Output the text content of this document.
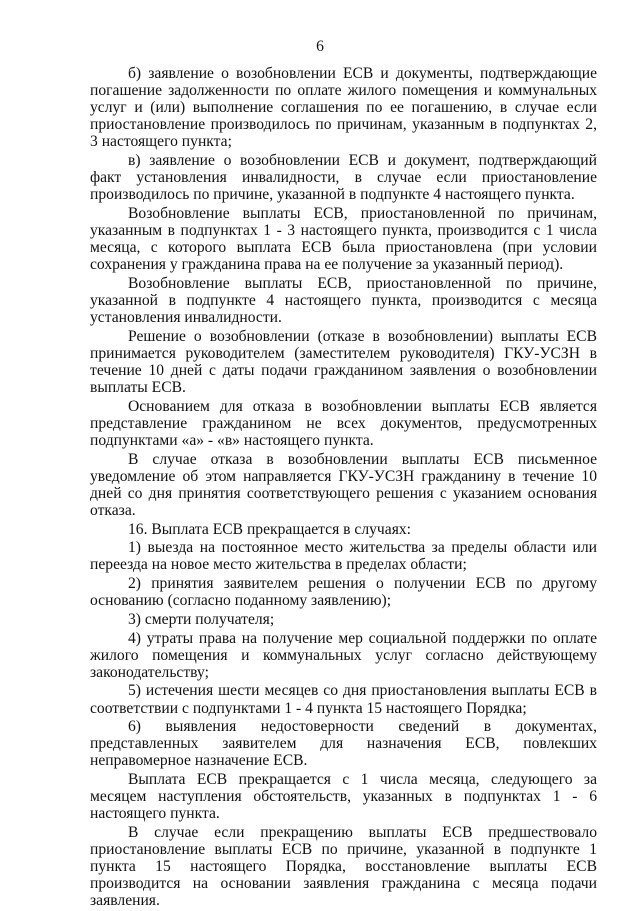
6

б) заявление о возобновлении ЕСВ и документы, подтверждающие погашение задолженности по оплате жилого помещения и коммунальных услуг и (или) выполнение соглашения по ее погашению, в случае если приостановление производилось по причинам, указанным в подпунктах 2, 3 настоящего пункта;

в) заявление о возобновлении ЕСВ и документ, подтверждающий факт установления инвалидности, в случае если приостановление производилось по причине, указанной в подпункте 4 настоящего пункта.

Возобновление выплаты ЕСВ, приостановленной по причинам, указанным в подпунктах 1 - 3 настоящего пункта, производится с 1 числа месяца, с которого выплата ЕСВ была приостановлена (при условии сохранения у гражданина права на ее получение за указанный период).

Возобновление выплаты ЕСВ, приостановленной по причине, указанной в подпункте 4 настоящего пункта, производится с месяца установления инвалидности.

Решение о возобновлении (отказе в возобновлении) выплаты ЕСВ принимается руководителем (заместителем руководителя) ГКУ-УСЗН в течение 10 дней с даты подачи гражданином заявления о возобновлении выплаты ЕСВ.

Основанием для отказа в возобновлении выплаты ЕСВ является представление гражданином не всех документов, предусмотренных подпунктами «а» - «в» настоящего пункта.

В случае отказа в возобновлении выплаты ЕСВ письменное уведомление об этом направляется ГКУ-УСЗН гражданину в течение 10 дней со дня принятия соответствующего решения с указанием основания отказа.

16. Выплата ЕСВ прекращается в случаях:

1) выезда на постоянное место жительства за пределы области или переезда на новое место жительства в пределах области;

2) принятия заявителем решения о получении ЕСВ по другому основанию (согласно поданному заявлению);

3) смерти получателя;

4) утраты права на получение мер социальной поддержки по оплате жилого помещения и коммунальных услуг согласно действующему законодательству;

5) истечения шести месяцев со дня приостановления выплаты ЕСВ в соответствии с подпунктами 1 - 4 пункта 15 настоящего Порядка;

6) выявления недостоверности сведений в документах, представленных заявителем для назначения ЕСВ, повлекших неправомерное назначение ЕСВ.

Выплата ЕСВ прекращается с 1 числа месяца, следующего за месяцем наступления обстоятельств, указанных в подпунктах 1 - 6 настоящего пункта.

В случае если прекращению выплаты ЕСВ предшествовало приостановление выплаты ЕСВ по причине, указанной в подпункте 1 пункта 15 настоящего Порядка, восстановление выплаты ЕСВ производится на основании заявления гражданина с месяца подачи заявления.
